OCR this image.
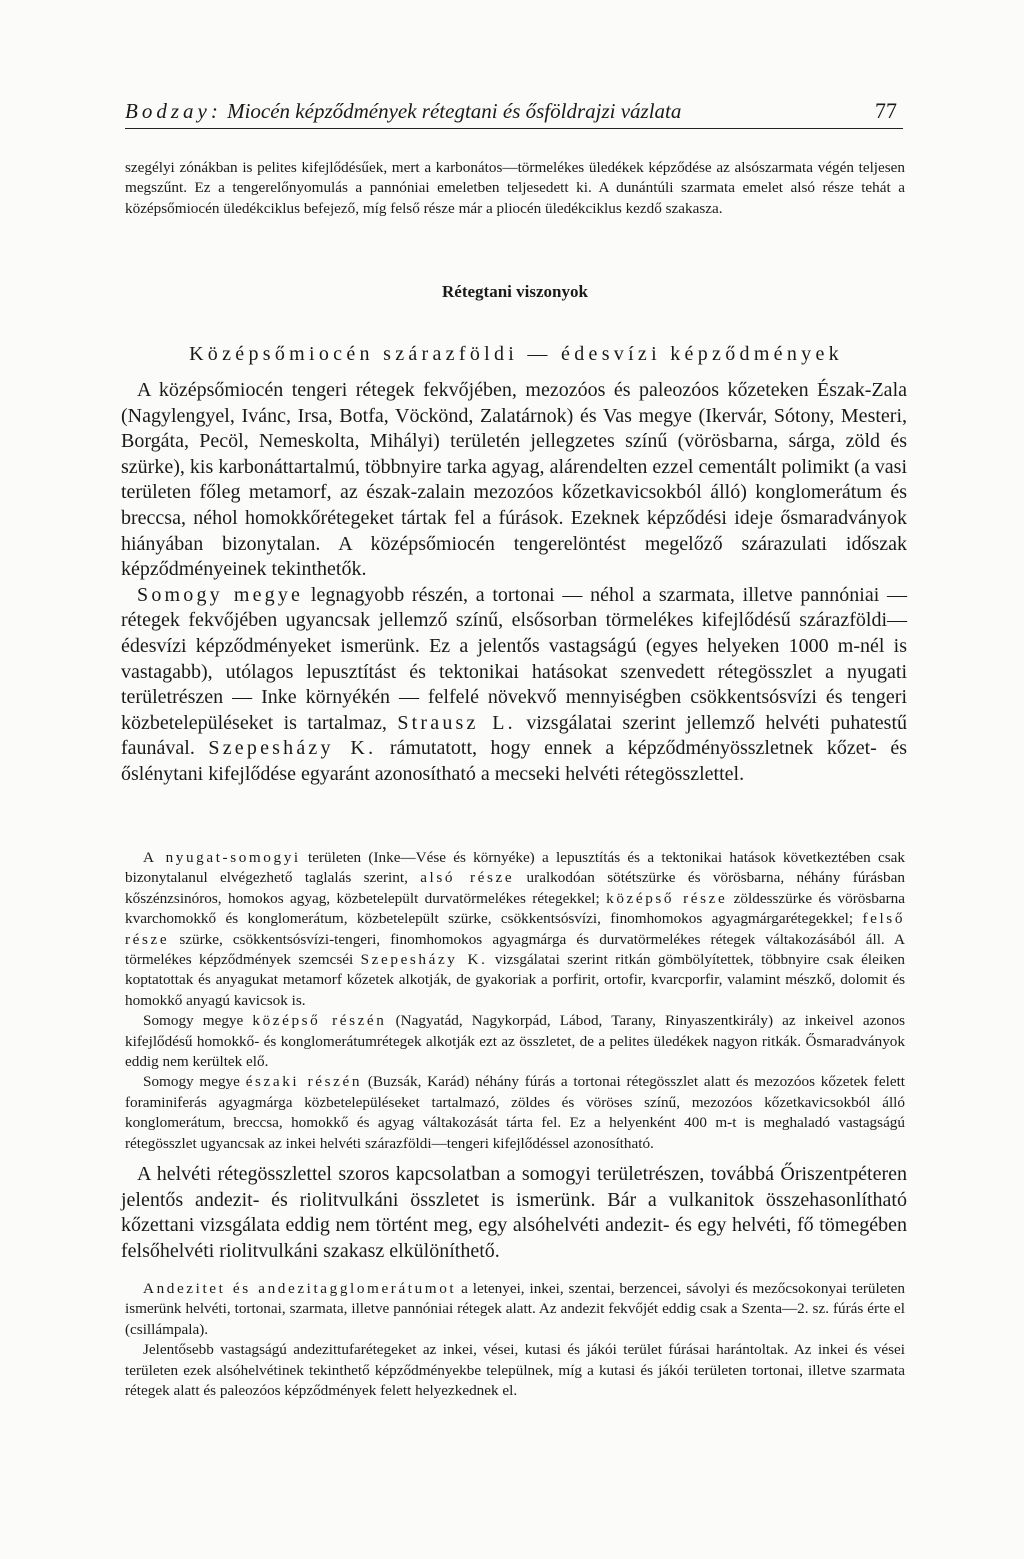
Bodzay: Miocén képződmények rétegtani és ősföldrajzi vázlata	77

szegélyi zónákban is pelites kifejlődésűek, mert a karbonátos—törmelékes üledékek képződése az alsószarmata végén teljesen megszűnt. Ez a tengerelőnyomulás a pannóniai emeletben teljesedett ki. A dunántúli szarmata emelet alsó része tehát a középsőmiocén üledékciklus befejező, míg felső része már a pliocén üledékciklus kezdő szakasza.

Rétegtani viszonyok
Középsőmiocén szárazföldi — édesvízi képződmények

A középsőmiocén tengeri rétegek fekvőjében, mezozóos és paleozóos kőzeteken Észak-Zala (Nagylengyel, Ivánc, Irsa, Botfa, Vöckönd, Zalatárnok) és Vas megye (Ikervár, Sótony, Mesteri, Borgáta, Pecöl, Nemeskolta, Mihályi) területén jellegzetes színű (vörösbarna, sárga, zöld és szürke), kis karbonáttartalmú, többnyire tarka agyag, alárendelten ezzel cementált polimikt (a vasi területen főleg metamorf, az észak-zalain mezozóos kőzetkavicsokból álló) konglomerátum és breccsa, néhol homokkőrétegeket tártak fel a fúrások. Ezeknek képződési ideje ősmaradványok hiányában bizonytalan. A középsőmiocén tengerelöntést megelőző szárazulati időszak képződményeinek tekinthetők.

Somogy megye legnagyobb részén, a tortonai — néhol a szarmata, illetve pannóniai — rétegek fekvőjében ugyancsak jellemző színű, elsősorban törmelékes kifejlődésű szárazföldi—édesvízi képződményeket ismerünk. Ez a jelentős vastagságú (egyes helyeken 1000 m-nél is vastagabb), utólagos lepusztítást és tektonikai hatásokat szenvedett rétegösszlet a nyugati területrészen — Inke környékén — felfelé növekvő mennyiségben csökkentsósvízi és tengeri közbetelepüléseket is tartalmaz, Strausz L. vizsgálatai szerint jellemző helvéti puhatestű faunával. Szepesházy K. rámutatott, hogy ennek a képződményösszletnek kőzet- és őslénytani kifejlődése egyaránt azonosítható a mecseki helvéti rétegösszlettel.

A nyugat-somogyi területen (Inke—Vése és környéke) a lepusztítás és a tektonikai hatások következtében csak bizonytalanul elvégezhető taglalás szerint, alsó része uralkodóan sötétszürke és vörösbarna, néhány fúrásban kőszénzsinóros, homokos agyag, közbetelepült durvatörmelékes rétegekkel; középső része zöldesszürke és vörösbarna kvarchomokkő és konglomerátum, közbetelepült szürke, csökkentsósvízi, finomhomokos agyagmárgarétegekkel; felső része szürke, csökkentsósvízi-tengeri, finomhomokos agyagmárga és durvatörmelékes rétegek váltakozásából áll. A törmelékes képződmények szemcséi Szepesházy K. vizsgálatai szerint ritkán gömbölyítettek, többnyire csak éleiken koptatottak és anyagukat metamorf kőzetek alkotják, de gyakoriak a porfirit, ortofir, kvarcporfir, valamint mészkő, dolomit és homokkő anyagú kavicsok is.

Somogy megye középső részén (Nagyatád, Nagykorpád, Lábod, Tarany, Rinyaszentkirály) az inkeivel azonos kifejlődésű homokkő- és konglomerátumrétegek alkotják ezt az összletet, de a pelites üledékek nagyon ritkák. Ősmaradványok eddig nem kerültek elő.

Somogy megye északi részén (Buzsák, Karád) néhány fúrás a tortonai rétegösszlet alatt és mezozóos kőzetek felett foraminiferás agyagmárga közbetelepüléseket tartalmazó, zöldes és vöröses színű, mezozóos kőzetkavicsokból álló konglomerátum, breccsa, homokkő és agyag váltakozását tárta fel. Ez a helyenként 400 m-t is meghaladó vastagságú rétegösszlet ugyancsak az inkei helvéti szárazföldi—tengeri kifejlődéssel azonosítható.

A helvéti rétegösszlettel szoros kapcsolatban a somogyi területrészen, továbbá Őriszentpéteren jelentős andezit- és riolitvulkáni összletet is ismerünk. Bár a vulkanitok összehasonlítható kőzettani vizsgálata eddig nem történt meg, egy alsóhelvéti andezit- és egy helvéti, fő tömegében felsőhelvéti riolitvulkáni szakasz elkülöníthető.

Andezitet és andezitagglomerátumot a letenyei, inkei, szentai, berzencei, sávolyi és mezőcsokonyai területen ismerünk helvéti, tortonai, szarmata, illetve pannóniai rétegek alatt. Az andezit fekvőjét eddig csak a Szenta—2. sz. fúrás érte el (csillámpala).

Jelentősebb vastagságú andezittufarétegeket az inkei, vései, kutasi és jákói terület fúrásai harántoltak. Az inkei és vései területen ezek alsóhelvétinek tekinthető képződményekbe települnek, míg a kutasi és jákói területen tortonai, illetve szarmata rétegek alatt és paleozóos képződmények felett helyezkednek el.
